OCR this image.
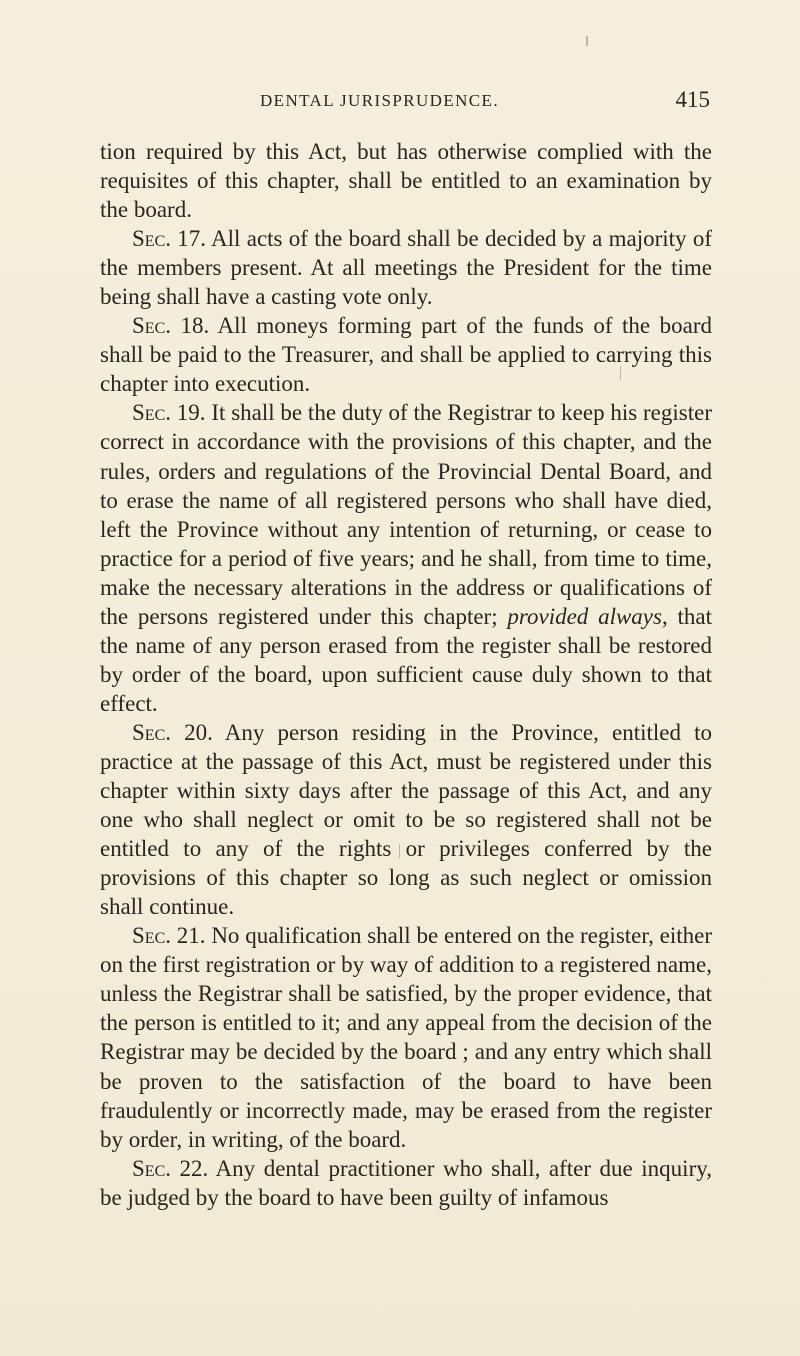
DENTAL JURISPRUDENCE.	415

tion required by this Act, but has otherwise complied with the requisites of this chapter, shall be entitled to an examination by the board.

Sec. 17. All acts of the board shall be decided by a majority of the members present. At all meetings the President for the time being shall have a casting vote only.

Sec. 18. All moneys forming part of the funds of the board shall be paid to the Treasurer, and shall be applied to carrying this chapter into execution.

Sec. 19. It shall be the duty of the Registrar to keep his register correct in accordance with the provisions of this chapter, and the rules, orders and regulations of the Provincial Dental Board, and to erase the name of all registered persons who shall have died, left the Province without any intention of returning, or cease to practice for a period of five years; and he shall, from time to time, make the necessary alterations in the address or qualifications of the persons registered under this chapter; provided always, that the name of any person erased from the register shall be restored by order of the board, upon sufficient cause duly shown to that effect.

Sec. 20. Any person residing in the Province, entitled to practice at the passage of this Act, must be registered under this chapter within sixty days after the passage of this Act, and any one who shall neglect or omit to be so registered shall not be entitled to any of the rights or privileges conferred by the provisions of this chapter so long as such neglect or omission shall continue.

Sec. 21. No qualification shall be entered on the register, either on the first registration or by way of addition to a registered name, unless the Registrar shall be satisfied, by the proper evidence, that the person is entitled to it; and any appeal from the decision of the Registrar may be decided by the board ; and any entry which shall be proven to the satisfaction of the board to have been fraudulently or incorrectly made, may be erased from the register by order, in writing, of the board.

Sec. 22. Any dental practitioner who shall, after due inquiry, be judged by the board to have been guilty of infamous
